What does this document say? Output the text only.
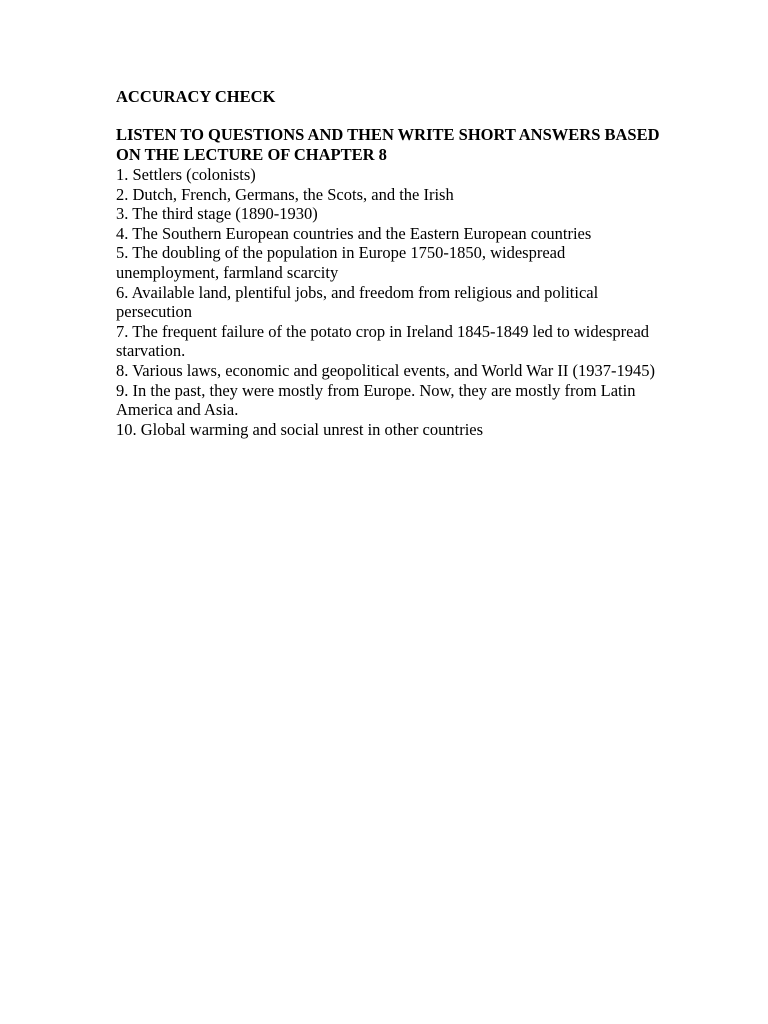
ACCURACY CHECK
LISTEN TO QUESTIONS AND THEN WRITE SHORT ANSWERS BASED ON THE LECTURE OF CHAPTER 8
1. Settlers (colonists)
2. Dutch, French, Germans, the Scots, and the Irish
3. The third stage (1890-1930)
4. The Southern European countries and the Eastern European countries
5. The doubling of the population in Europe 1750-1850, widespread unemployment, farmland scarcity
6. Available land, plentiful jobs, and freedom from religious and political persecution
7. The frequent failure of the potato crop in Ireland 1845-1849 led to widespread starvation.
8. Various laws, economic and geopolitical events, and World War II (1937-1945)
9. In the past, they were mostly from Europe. Now, they are mostly from Latin America and Asia.
10. Global warming and social unrest in other countries
